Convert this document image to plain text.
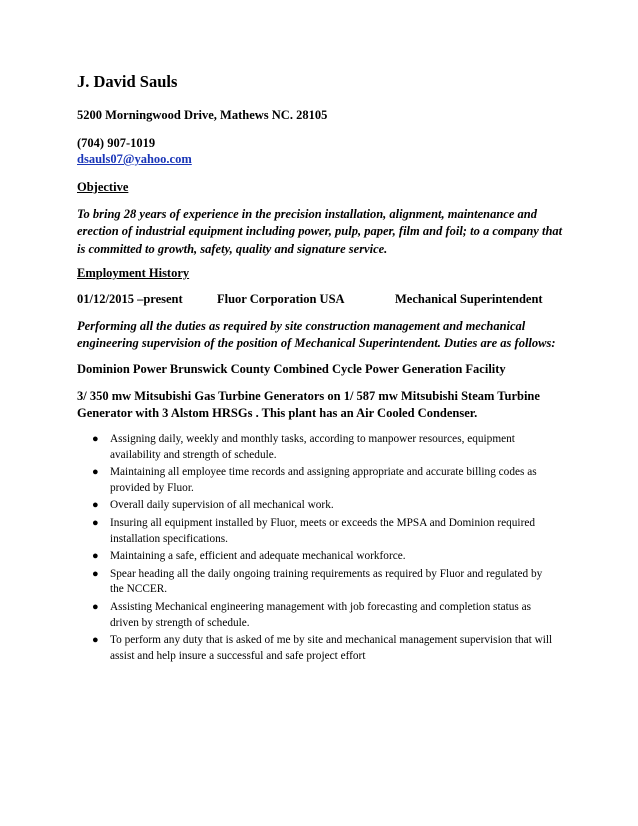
J. David Sauls
5200 Morningwood Drive, Mathews NC. 28105
(704) 907-1019
dsauls07@yahoo.com
Objective
To bring 28 years of experience in the precision installation, alignment, maintenance and erection of industrial equipment including power, pulp, paper, film and foil; to a company that is committed to growth, safety, quality and signature service.
Employment History
01/12/2015 –present	Fluor Corporation USA	Mechanical Superintendent
Performing all the duties as required by site construction management and mechanical engineering supervision of the position of Mechanical Superintendent. Duties are as follows:
Dominion Power Brunswick County Combined Cycle Power Generation Facility
3/ 350 mw Mitsubishi Gas Turbine Generators on 1/ 587 mw Mitsubishi Steam Turbine Generator with 3 Alstom HRSGs . This plant has an Air Cooled Condenser.
● Assigning daily, weekly and monthly tasks, according to manpower resources, equipment availability and strength of schedule.
● Maintaining all employee time records and assigning appropriate and accurate billing codes as provided by Fluor.
● Overall daily supervision of all mechanical work.
● Insuring all equipment installed by Fluor, meets or exceeds the MPSA and Dominion required installation specifications.
● Maintaining a safe, efficient and adequate mechanical workforce.
● Spear heading all the daily ongoing training requirements as required by Fluor and regulated by the NCCER.
● Assisting Mechanical engineering management with job forecasting and completion status as driven by strength of schedule.
● To perform any duty that is asked of me by site and mechanical management supervision that will assist and help insure a successful and safe project effort
